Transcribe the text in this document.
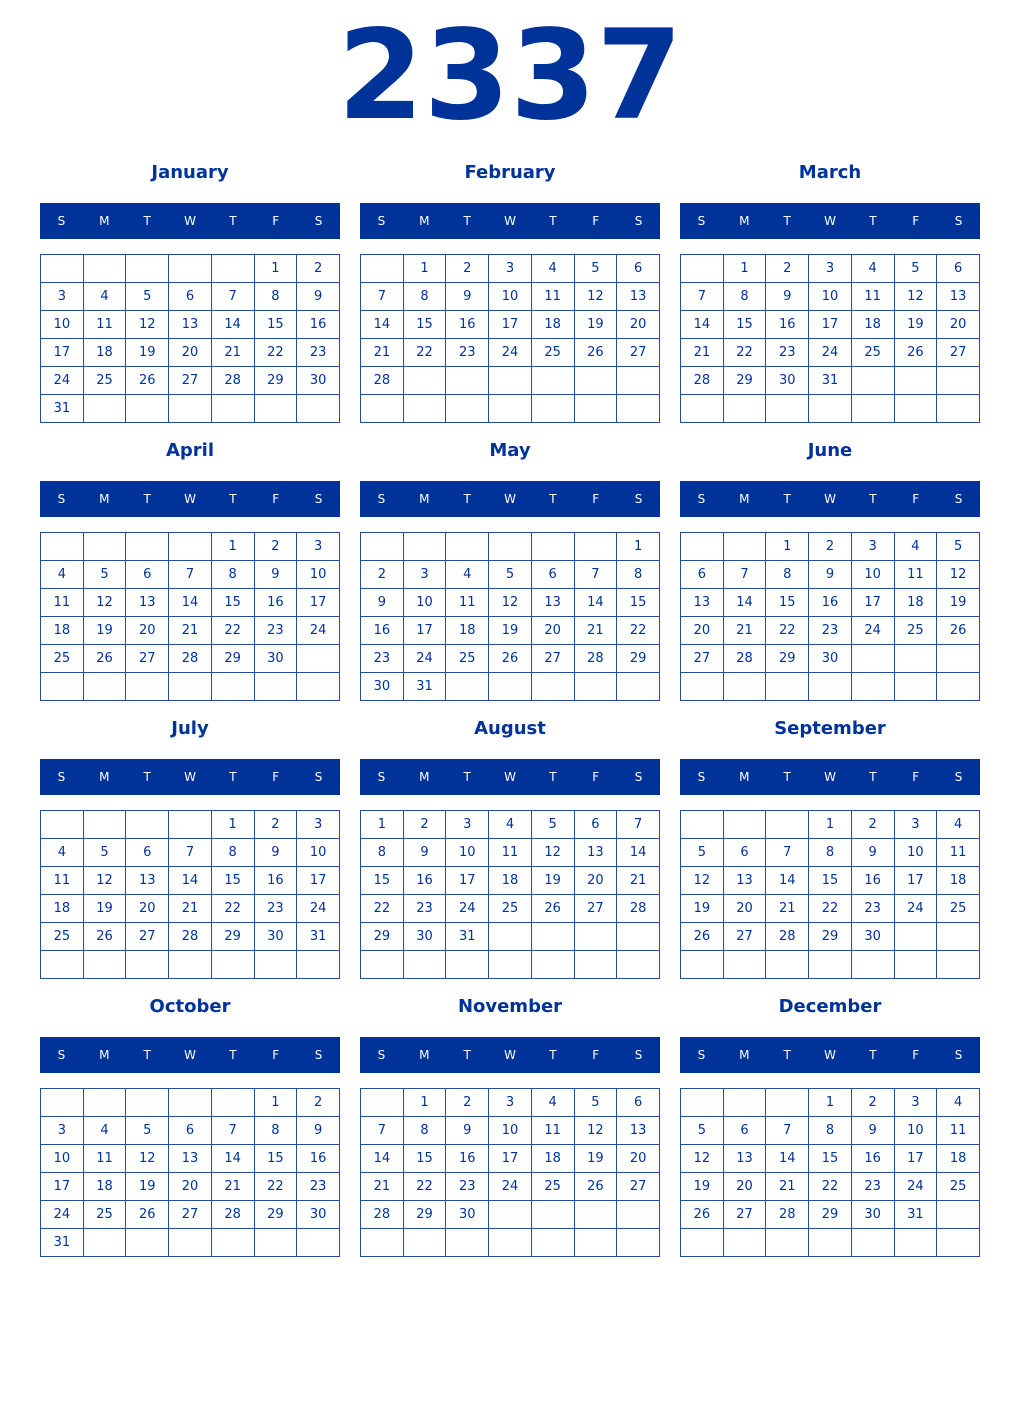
2337
January
S	M	T	W	T	F	S
					1	2
3	4	5	6	7	8	9
10	11	12	13	14	15	16
17	18	19	20	21	22	23
24	25	26	27	28	29	30
31						
February
S	M	T	W	T	F	S
	1	2	3	4	5	6
7	8	9	10	11	12	13
14	15	16	17	18	19	20
21	22	23	24	25	26	27
28						

March
S	M	T	W	T	F	S
	1	2	3	4	5	6
7	8	9	10	11	12	13
14	15	16	17	18	19	20
21	22	23	24	25	26	27
28	29	30	31			

April
S	M	T	W	T	F	S
				1	2	3
4	5	6	7	8	9	10
11	12	13	14	15	16	17
18	19	20	21	22	23	24
25	26	27	28	29	30	

May
S	M	T	W	T	F	S
						1
2	3	4	5	6	7	8
9	10	11	12	13	14	15
16	17	18	19	20	21	22
23	24	25	26	27	28	29
30	31					
June
S	M	T	W	T	F	S
		1	2	3	4	5
6	7	8	9	10	11	12
13	14	15	16	17	18	19
20	21	22	23	24	25	26
27	28	29	30			

July
S	M	T	W	T	F	S
				1	2	3
4	5	6	7	8	9	10
11	12	13	14	15	16	17
18	19	20	21	22	23	24
25	26	27	28	29	30	31

August
S	M	T	W	T	F	S
1	2	3	4	5	6	7
8	9	10	11	12	13	14
15	16	17	18	19	20	21
22	23	24	25	26	27	28
29	30	31				

September
S	M	T	W	T	F	S
			1	2	3	4
5	6	7	8	9	10	11
12	13	14	15	16	17	18
19	20	21	22	23	24	25
26	27	28	29	30		

October
S	M	T	W	T	F	S
					1	2
3	4	5	6	7	8	9
10	11	12	13	14	15	16
17	18	19	20	21	22	23
24	25	26	27	28	29	30
31						
November
S	M	T	W	T	F	S
	1	2	3	4	5	6
7	8	9	10	11	12	13
14	15	16	17	18	19	20
21	22	23	24	25	26	27
28	29	30				

December
S	M	T	W	T	F	S
			1	2	3	4
5	6	7	8	9	10	11
12	13	14	15	16	17	18
19	20	21	22	23	24	25
26	27	28	29	30	31	
